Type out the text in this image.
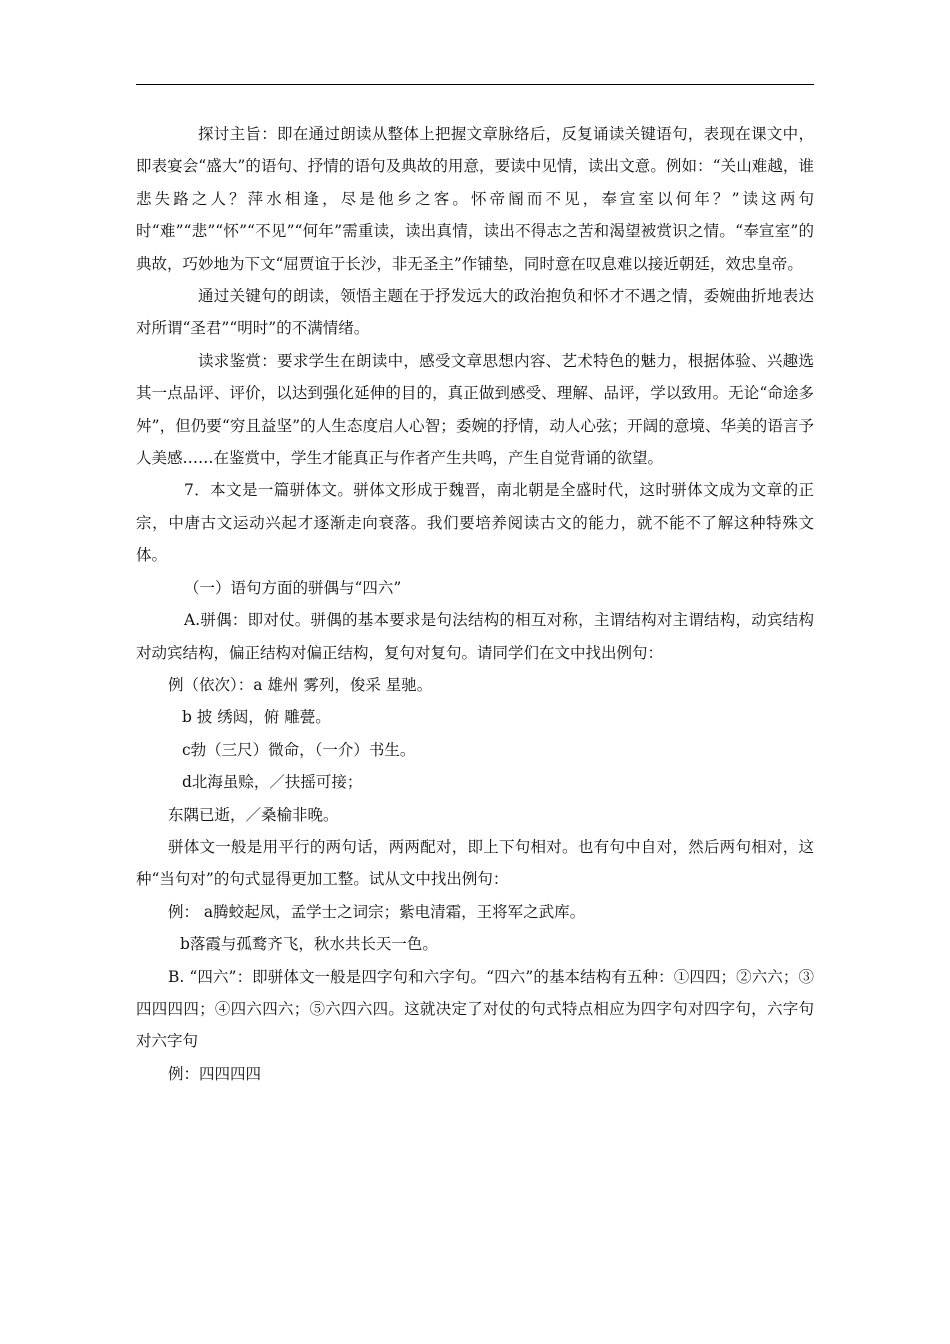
探讨主旨：即在通过朗读从整体上把握文章脉络后，反复诵读关键语句，表现在课文中，即表宴会“盛大”的语句、抒情的语句及典故的用意，要读中见情，读出文意。例如：“关山难越，谁悲失路之人？萍水相逢，尽是他乡之客。怀帝阍而不见，奉宣室以何年？”读这两句时“难”“悲”“怀”“不见”“何年”需重读，读出真情，读出不得志之苦和渴望被赏识之情。“奉宣室”的典故，巧妙地为下文“屈贾谊于长沙，非无圣主”作铺垫，同时意在叹息难以接近朝廷，效忠皇帝。

通过关键句的朗读，领悟主题在于抒发远大的政治抱负和怀才不遇之情，委婉曲折地表达对所谓“圣君”“明时”的不满情绪。

读求鉴赏：要求学生在朗读中，感受文章思想内容、艺术特色的魅力，根据体验、兴趣选其一点品评、评价，以达到强化延伸的目的，真正做到感受、理解、品评，学以致用。无论“命途多舛”，但仍要“穷且益坚”的人生态度启人心智；委婉的抒情，动人心弦；开阔的意境、华美的语言予人美感……在鉴赏中，学生才能真正与作者产生共鸣，产生自觉背诵的欲望。

7．本文是一篇骈体文。骈体文形成于魏晋，南北朝是全盛时代，这时骈体文成为文章的正宗，中唐古文运动兴起才逐渐走向衰落。我们要培养阅读古文的能力，就不能不了解这种特殊文体。

（一）语句方面的骈偶与“四六”

A.骈偶：即对仗。骈偶的基本要求是句法结构的相互对称，主谓结构对主谓结构，动宾结构对动宾结构，偏正结构对偏正结构，复句对复句。请同学们在文中找出例句：

例（依次）：a 雄州 雾列，俊采 星驰。

b 披 绣闼，俯 雕甍。

c勃（三尺）微命，（一介）书生。

d北海虽赊，／扶摇可接；

东隅已逝，／桑榆非晚。

骈体文一般是用平行的两句话，两两配对，即上下句相对。也有句中自对，然后两句相对，这种“当句对”的句式显得更加工整。试从文中找出例句：

例： a腾蛟起凤，孟学士之词宗；紫电清霜，王将军之武库。

b落霞与孤鹜齐飞，秋水共长天一色。

B. “四六”：即骈体文一般是四字句和六字句。“四六”的基本结构有五种：①四四；②六六；③四四四四；④四六四六；⑤六四六四。这就决定了对仗的句式特点相应为四字句对四字句，六字句对六字句

例：四四四四
